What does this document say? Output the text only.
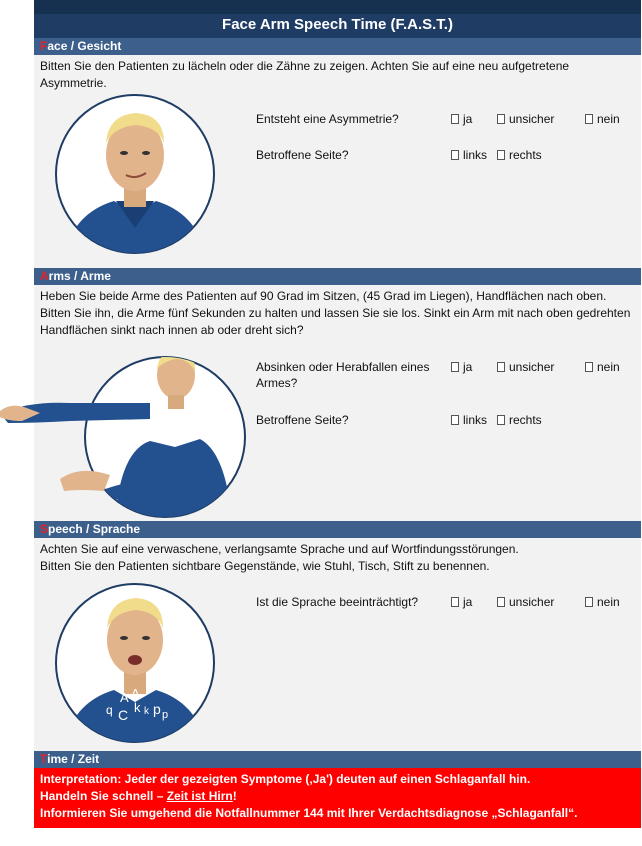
Face Arm Speech Time (F.A.S.T.)
Face / Gesicht

Bitten Sie den Patienten zu lächeln oder die Zähne zu zeigen. Achten Sie auf eine neu aufgetretene Asymmetrie.

Entsteht eine Asymmetrie?	ja	unsicher	nein
Betroffene Seite?	links	rechts
Arms / Arme

Heben Sie beide Arme des Patienten auf 90 Grad im Sitzen, (45 Grad im Liegen), Handflächen nach oben.

Bitten Sie ihn, die Arme fünf Sekunden zu halten und lassen Sie sie los. Sinkt ein Arm mit nach oben gedrehten Handflächen sinkt nach innen ab oder dreht sich?

Absinken oder Herabfallen eines Armes?
ja	unsicher	nein
Betroffene Seite?	links	rechts
Speech / Sprache

Achten Sie auf eine verwaschene, verlangsamte Sprache und auf Wortfindungsstörungen.

Bitten Sie den Patienten sichtbare Gegenstände, wie Stuhl, Tisch, Stift zu benennen.

A A
k k
q C p p
Ist die Sprache beeinträchtigt?	ja	unsicher	nein
Time / Zeit

Interpretation: Jeder der gezeigten Symptome (‚Ja') deuten auf einen Schlaganfall hin.

Handeln Sie schnell – Zeit ist Hirn!

Informieren Sie umgehend die Notfallnummer 144 mit Ihrer Verdachtsdiagnose „Schlaganfall“.
